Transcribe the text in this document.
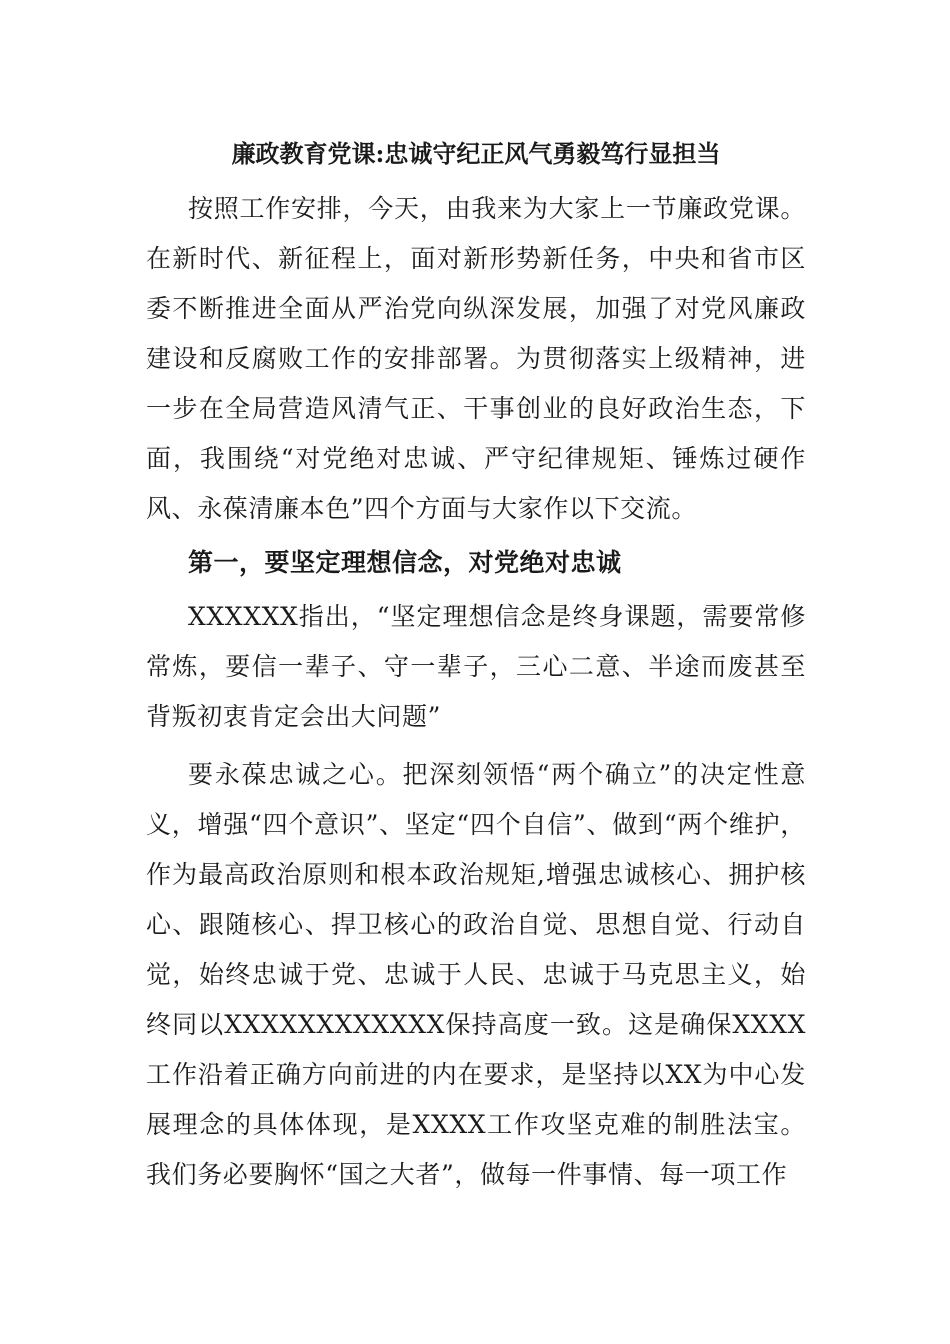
廉政教育党课:忠诚守纪正风气勇毅笃行显担当

按照工作安排，今天，由我来为大家上一节廉政党课。在新时代、新征程上，面对新形势新任务，中央和省市区委不断推进全面从严治党向纵深发展，加强了对党风廉政建设和反腐败工作的安排部署。为贯彻落实上级精神，进一步在全局营造风清气正、干事创业的良好政治生态，下面，我围绕“对党绝对忠诚、严守纪律规矩、锤炼过硬作风、永葆清廉本色”四个方面与大家作以下交流。

第一，要坚定理想信念，对党绝对忠诚

XXXXXX指出，“坚定理想信念是终身课题，需要常修常炼，要信一辈子、守一辈子，三心二意、半途而废甚至背叛初衷肯定会出大问题”

要永葆忠诚之心。把深刻领悟“两个确立”的决定性意义，增强“四个意识”、坚定“四个自信”、做到“两个维护，作为最高政治原则和根本政治规矩,增强忠诚核心、拥护核心、跟随核心、捍卫核心的政治自觉、思想自觉、行动自觉，始终忠诚于党、忠诚于人民、忠诚于马克思主义，始终同以XXXXXXXXXXXX保持高度一致。这是确保XXXX工作沿着正确方向前进的内在要求，是坚持以XX为中心发展理念的具体体现，是XXXX工作攻坚克难的制胜法宝。我们务必要胸怀“国之大者”，做每一件事情、每一项工作
